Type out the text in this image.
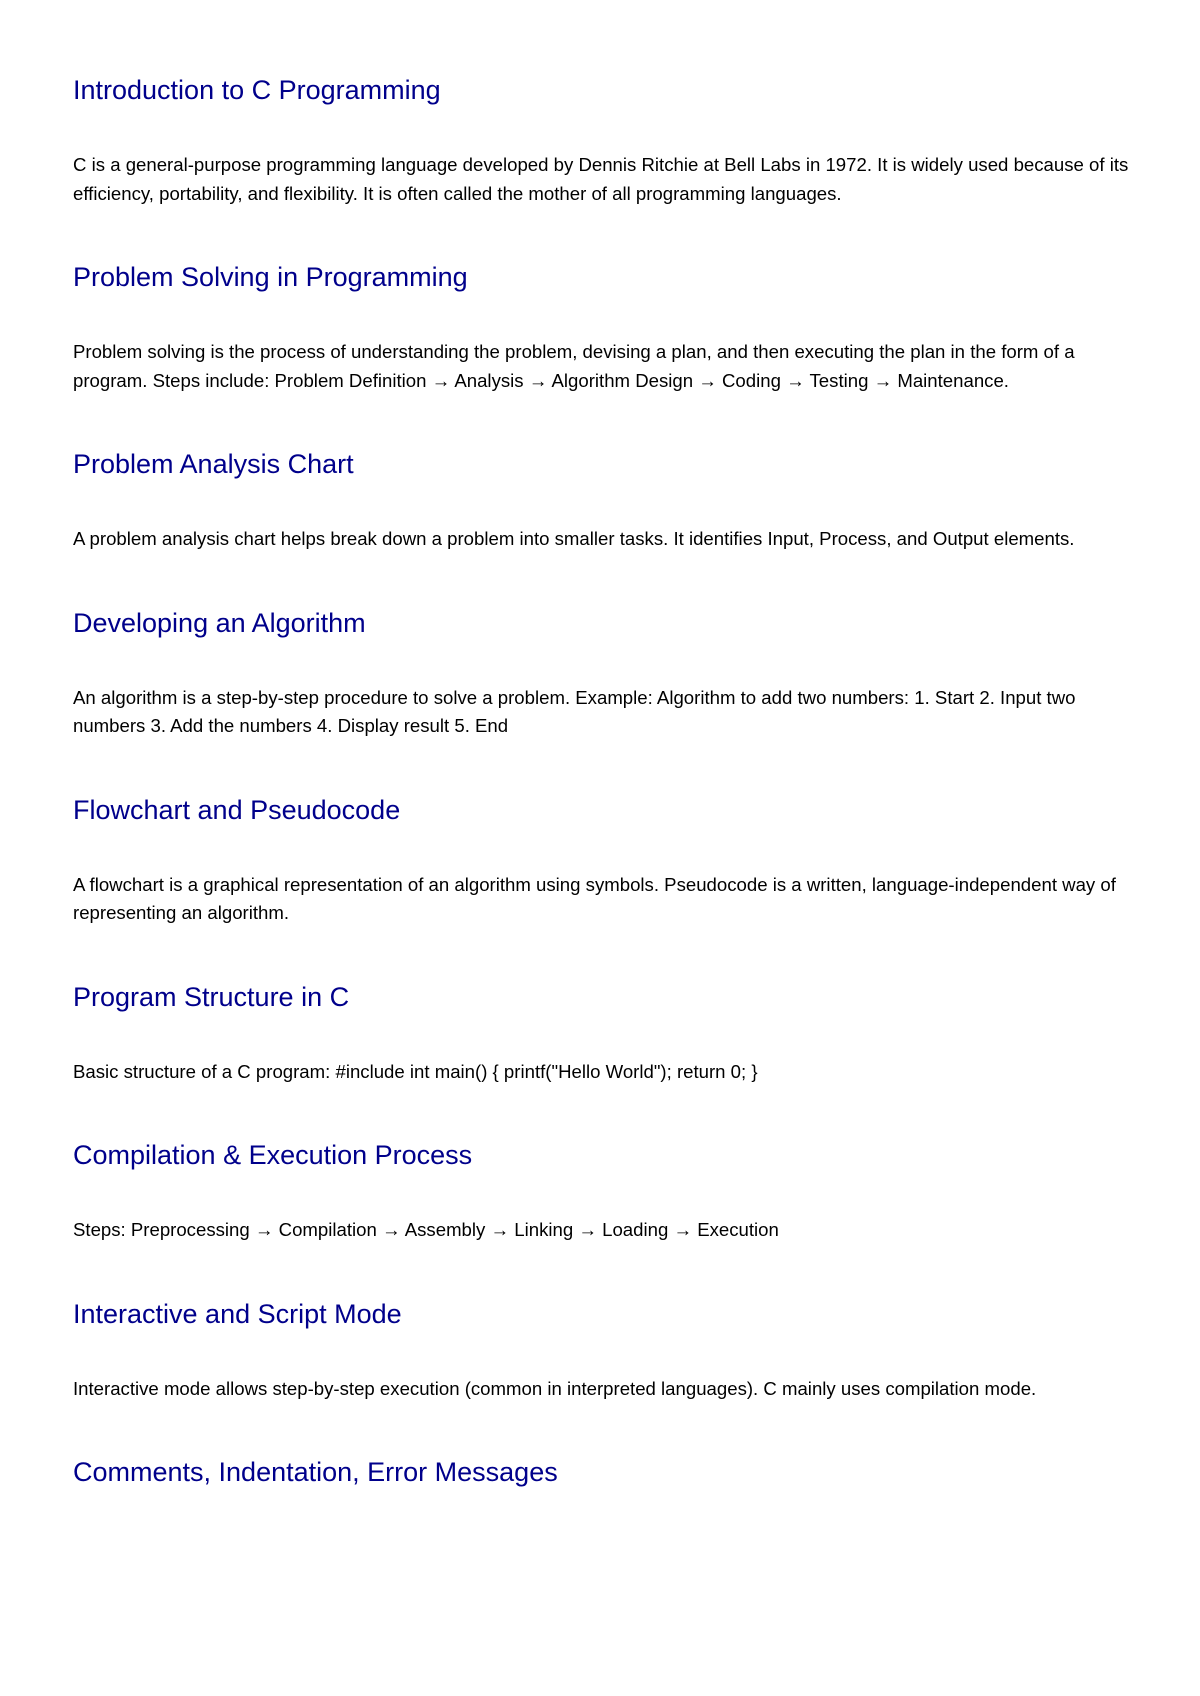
Introduction to C Programming

C is a general-purpose programming language developed by Dennis Ritchie at Bell Labs in 1972. It is widely used because of its efficiency, portability, and flexibility. It is often called the mother of all programming languages.

Problem Solving in Programming

Problem solving is the process of understanding the problem, devising a plan, and then executing the plan in the form of a program. Steps include: Problem Definition → Analysis → Algorithm Design → Coding → Testing → Maintenance.

Problem Analysis Chart

A problem analysis chart helps break down a problem into smaller tasks. It identifies Input, Process, and Output elements.

Developing an Algorithm

An algorithm is a step-by-step procedure to solve a problem. Example: Algorithm to add two numbers: 1. Start 2. Input two numbers 3. Add the numbers 4. Display result 5. End

Flowchart and Pseudocode

A flowchart is a graphical representation of an algorithm using symbols. Pseudocode is a written, language-independent way of representing an algorithm.

Program Structure in C

Basic structure of a C program: #include int main() { printf("Hello World"); return 0; }

Compilation & Execution Process

Steps: Preprocessing → Compilation → Assembly → Linking → Loading → Execution

Interactive and Script Mode

Interactive mode allows step-by-step execution (common in interpreted languages). C mainly uses compilation mode.

Comments, Indentation, Error Messages
